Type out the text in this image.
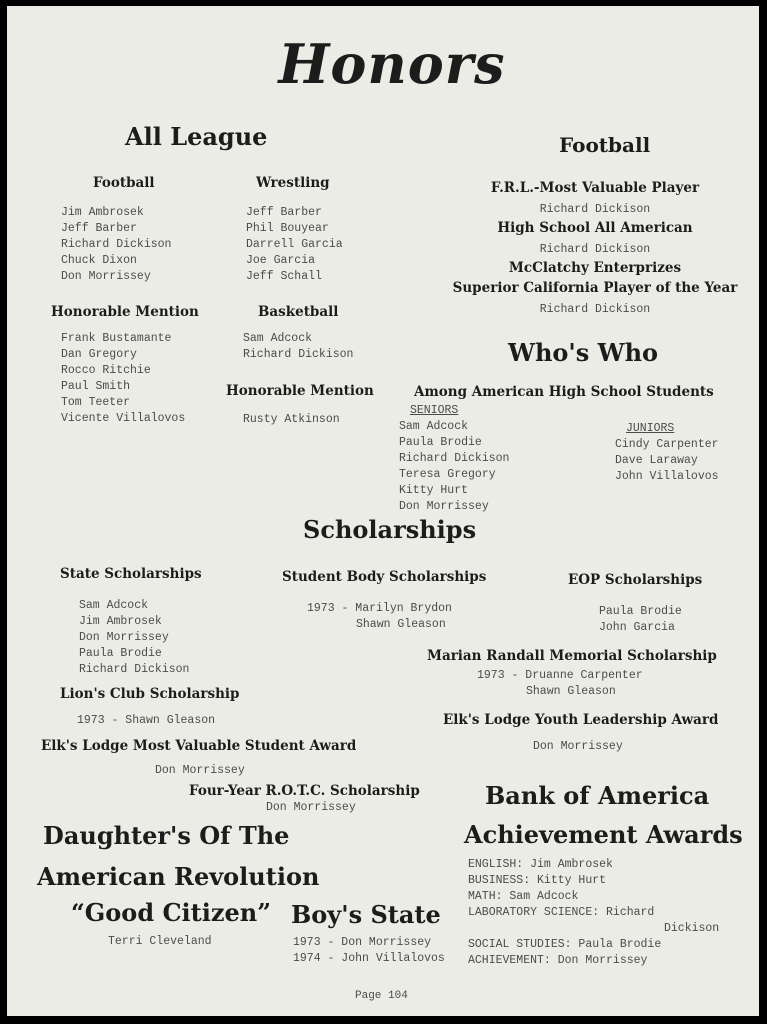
Honors
All League
Football
Jim Ambrosek
Jeff Barber
Richard Dickison
Chuck Dixon
Don Morrissey
Wrestling
Jeff Barber
Phil Bouyear
Darrell Garcia
Joe Garcia
Jeff Schall
Honorable Mention
Frank Bustamante
Dan Gregory
Rocco Ritchie
Paul Smith
Tom Teeter
Vicente Villalovos
Basketball
Sam Adcock
Richard Dickison
Honorable Mention
Rusty Atkinson
Football
F.R.L.-Most Valuable Player
Richard Dickison
High School All American
Richard Dickison
McClatchy Enterprizes
Superior California Player of the Year
Richard Dickison
Who's Who
Among American High School Students
SENIORS
Sam Adcock
Paula Brodie
Richard Dickison
Teresa Gregory
Kitty Hurt
Don Morrissey
JUNIORS
Cindy Carpenter
Dave Laraway
John Villalovos
Scholarships
State Scholarships
Sam Adcock
Jim Ambrosek
Don Morrissey
Paula Brodie
Richard Dickison
Student Body Scholarships
1973 - Marilyn Brydon
Shawn Gleason
EOP Scholarships
Paula Brodie
John Garcia
Marian Randall Memorial Scholarship
1973 - Druanne Carpenter
Shawn Gleason
Lion's Club Scholarship
1973 - Shawn Gleason	Elk's Lodge Youth Leadership Award
Don Morrissey
Elk's Lodge Most Valuable Student Award
Don Morrissey
Four-Year R.O.T.C. Scholarship
Don Morrissey
Daughter's Of The
American Revolution
“Good Citizen”
Terri Cleveland
Boy's State
1973 - Don Morrissey
1974 - John Villalovos
Bank of America
Achievement Awards
ENGLISH: Jim Ambrosek
BUSINESS: Kitty Hurt
MATH: Sam Adcock
LABORATORY SCIENCE: Richard
Dickison
SOCIAL STUDIES: Paula Brodie
ACHIEVEMENT: Don Morrissey
Page 104
